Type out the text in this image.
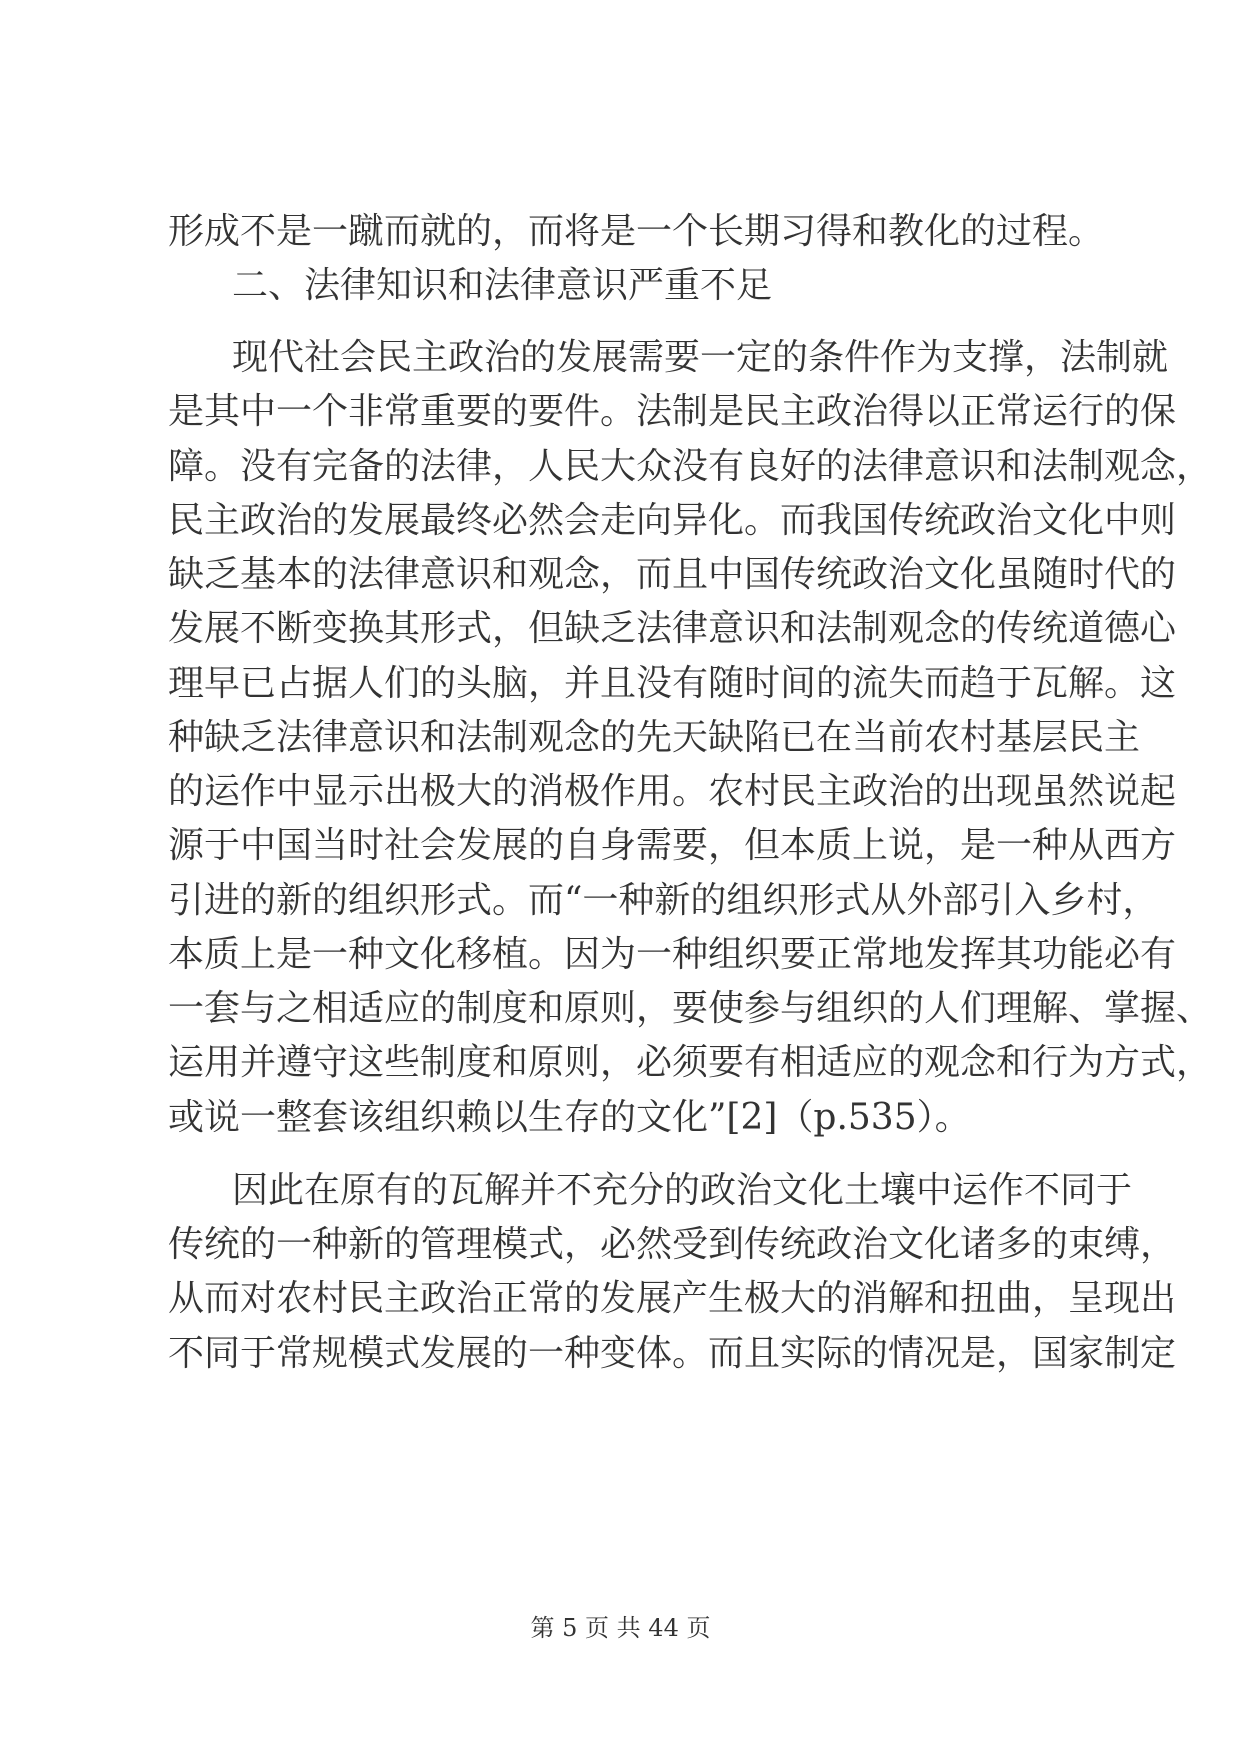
形成不是一蹴而就的，而将是一个长期习得和教化的过程。
二、法律知识和法律意识严重不足
现代社会民主政治的发展需要一定的条件作为支撑，法制就
是其中一个非常重要的要件。法制是民主政治得以正常运行的保
障。没有完备的法律，人民大众没有良好的法律意识和法制观念，
民主政治的发展最终必然会走向异化。而我国传统政治文化中则
缺乏基本的法律意识和观念，而且中国传统政治文化虽随时代的
发展不断变换其形式，但缺乏法律意识和法制观念的传统道德心
理早已占据人们的头脑，并且没有随时间的流失而趋于瓦解。这
种缺乏法律意识和法制观念的先天缺陷已在当前农村基层民主
的运作中显示出极大的消极作用。农村民主政治的出现虽然说起
源于中国当时社会发展的自身需要，但本质上说，是一种从西方
引进的新的组织形式。而“一种新的组织形式从外部引入乡村，
本质上是一种文化移植。因为一种组织要正常地发挥其功能必有
一套与之相适应的制度和原则，要使参与组织的人们理解、掌握、
运用并遵守这些制度和原则，必须要有相适应的观念和行为方式，
或说一整套该组织赖以生存的文化”[2]（p.535）。
因此在原有的瓦解并不充分的政治文化土壤中运作不同于
传统的一种新的管理模式，必然受到传统政治文化诸多的束缚，
从而对农村民主政治正常的发展产生极大的消解和扭曲，呈现出
不同于常规模式发展的一种变体。而且实际的情况是，国家制定
第 5 页 共 44 页
